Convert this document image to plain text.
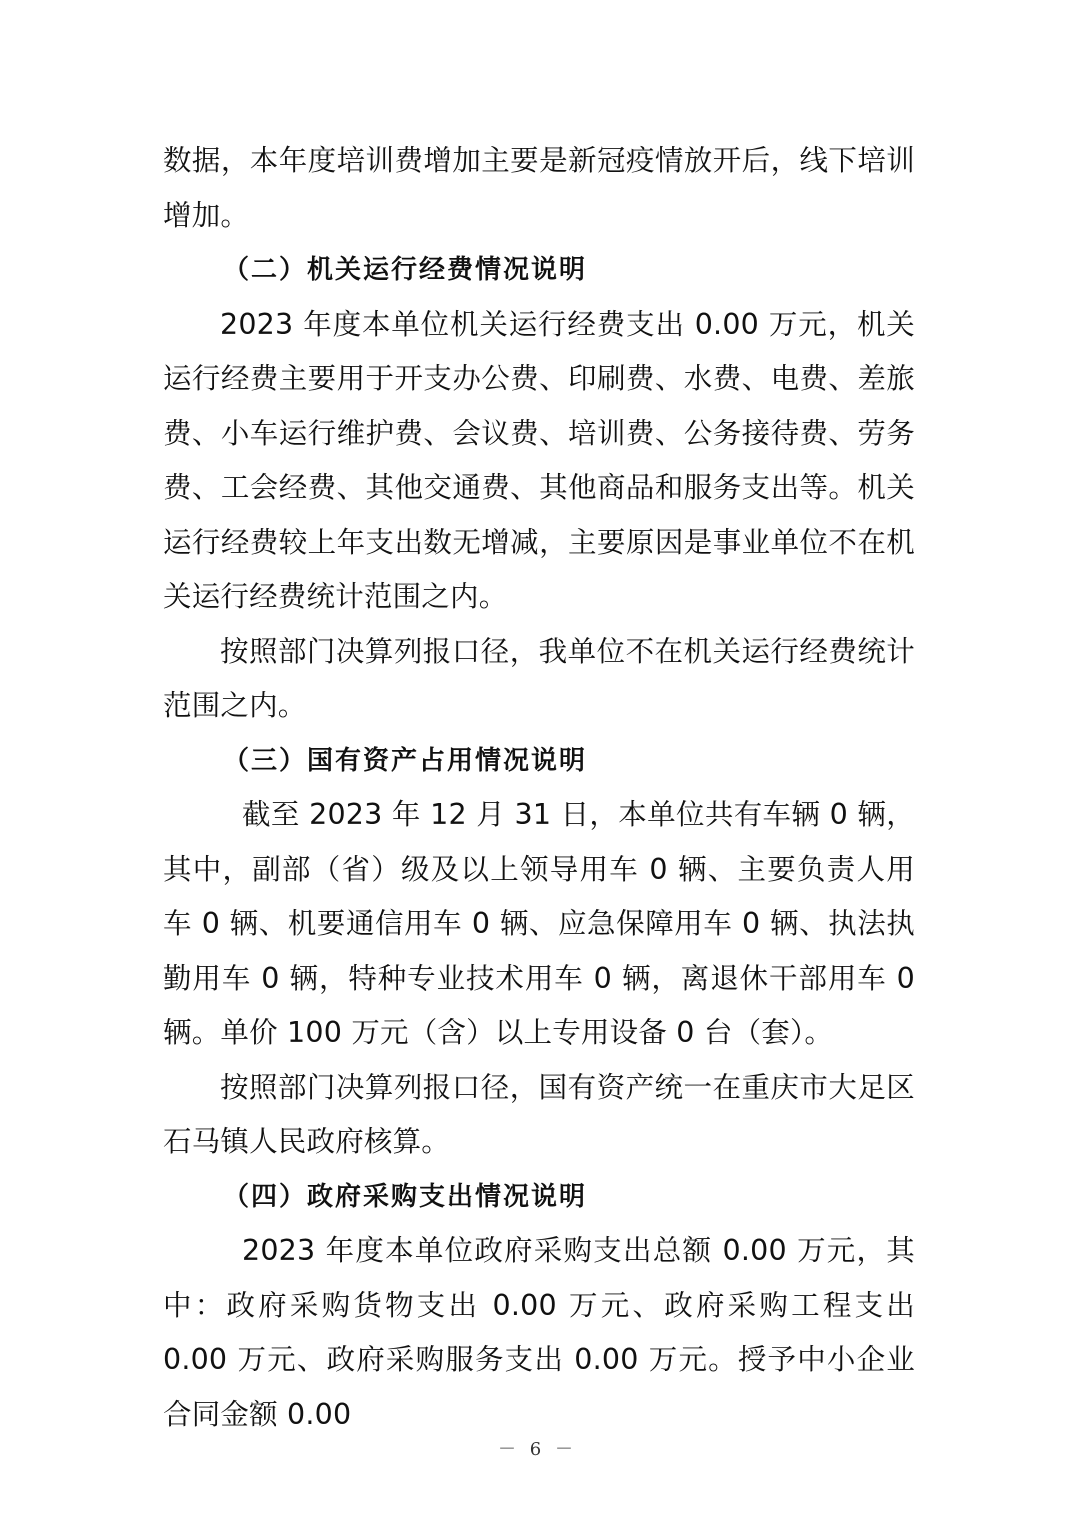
数据，本年度培训费增加主要是新冠疫情放开后，线下培训增加。

（二）机关运行经费情况说明

2023 年度本单位机关运行经费支出 0.00 万元，机关运行经费主要用于开支办公费、印刷费、水费、电费、差旅费、小车运行维护费、会议费、培训费、公务接待费、劳务费、工会经费、其他交通费、其他商品和服务支出等。机关运行经费较上年支出数无增减，主要原因是事业单位不在机关运行经费统计范围之内。

按照部门决算列报口径，我单位不在机关运行经费统计范围之内。

（三）国有资产占用情况说明

截至 2023 年 12 月 31 日，本单位共有车辆 0 辆，其中，副部（省）级及以上领导用车 0 辆、主要负责人用车 0 辆、机要通信用车 0 辆、应急保障用车 0 辆、执法执勤用车 0 辆，特种专业技术用车 0 辆，离退休干部用车 0 辆。单价 100 万元（含）以上专用设备 0 台（套）。

按照部门决算列报口径，国有资产统一在重庆市大足区石马镇人民政府核算。

（四）政府采购支出情况说明

2023 年度本单位政府采购支出总额 0.00 万元，其中：政府采购货物支出 0.00 万元、政府采购工程支出 0.00 万元、政府采购服务支出 0.00 万元。授予中小企业合同金额 0.00

－ 6 －
